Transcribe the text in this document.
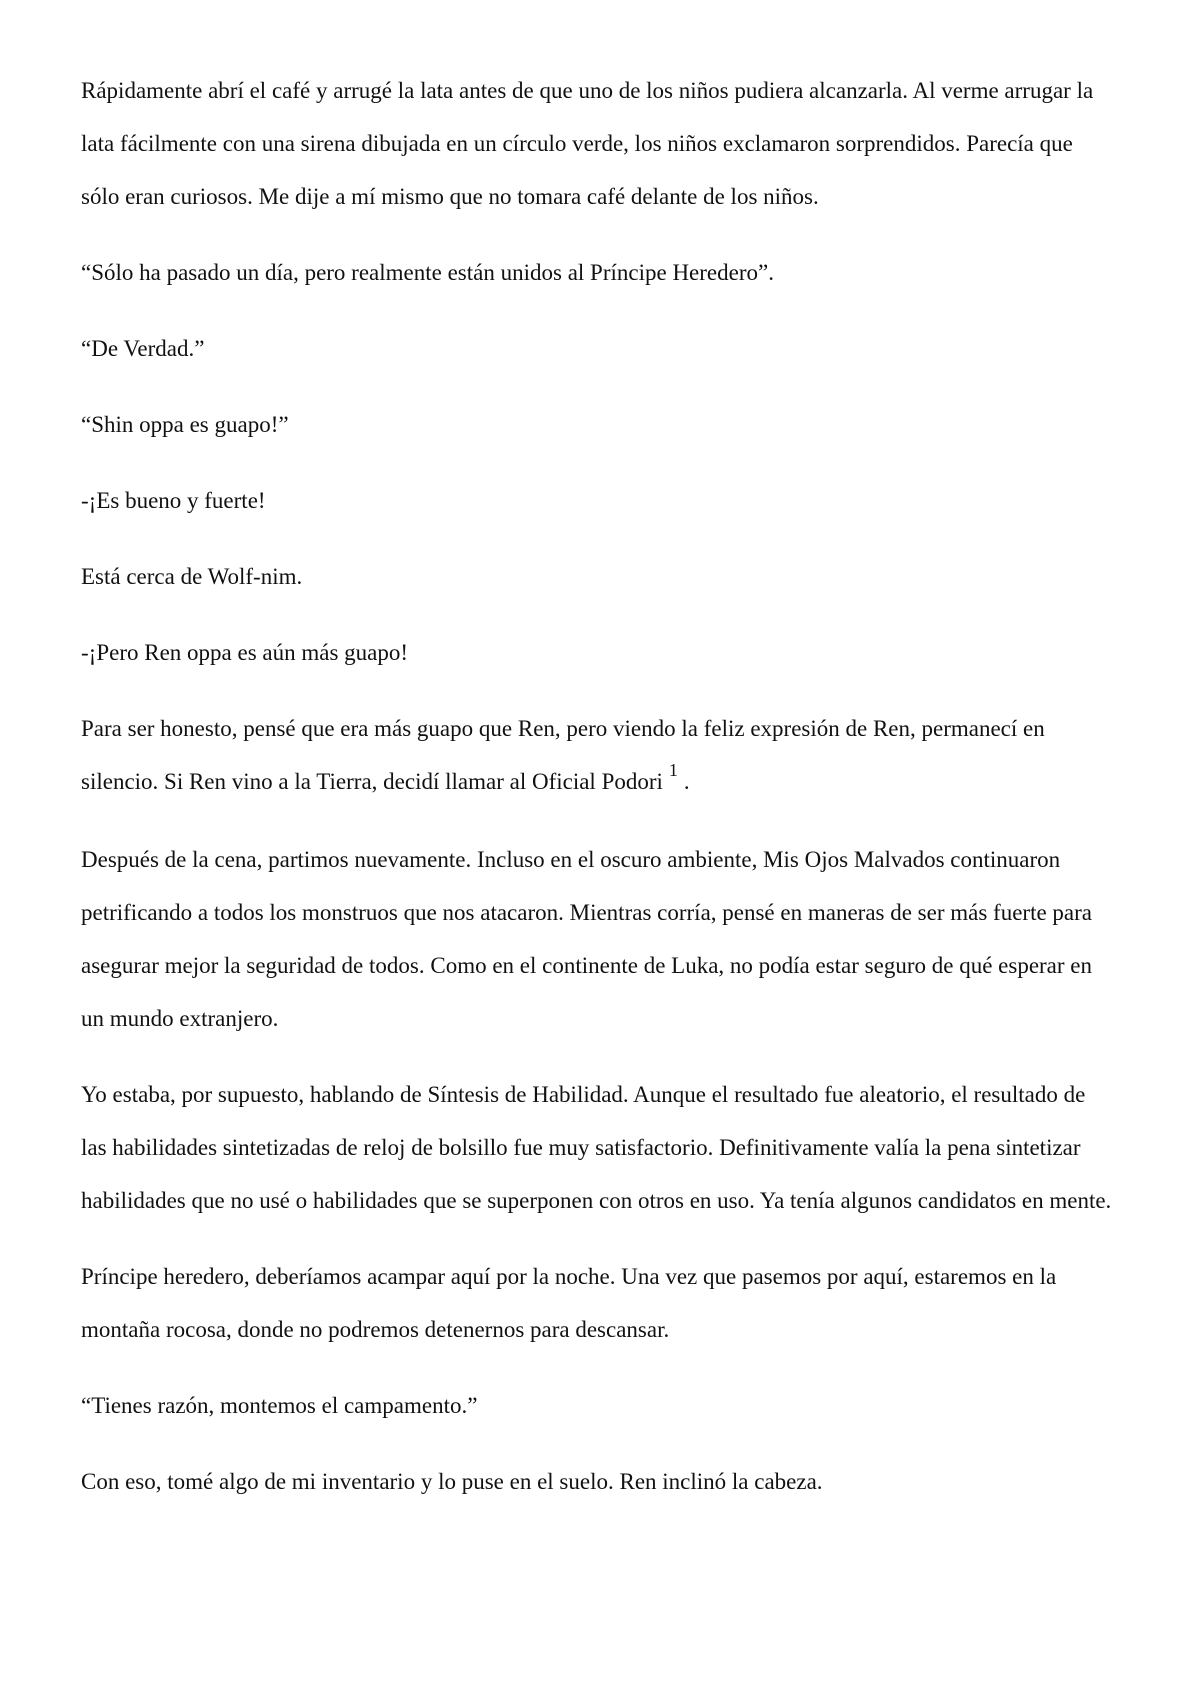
Rápidamente abrí el café y arrugé la lata antes de que uno de los niños pudiera alcanzarla. Al verme arrugar la lata fácilmente con una sirena dibujada en un círculo verde, los niños exclamaron sorprendidos. Parecía que sólo eran curiosos. Me dije a mí mismo que no tomara café delante de los niños.

“Sólo ha pasado un día, pero realmente están unidos al Príncipe Heredero”.

“De Verdad.”

“Shin oppa es guapo!”

-¡Es bueno y fuerte!

Está cerca de Wolf-nim.

-¡Pero Ren oppa es aún más guapo!

Para ser honesto, pensé que era más guapo que Ren, pero viendo la feliz expresión de Ren, permanecí en silencio. Si Ren vino a la Tierra, decidí llamar al Oficial Podori $^1$ .

Después de la cena, partimos nuevamente. Incluso en el oscuro ambiente, Mis Ojos Malvados continuaron petrificando a todos los monstruos que nos atacaron. Mientras corría, pensé en maneras de ser más fuerte para asegurar mejor la seguridad de todos. Como en el continente de Luka, no podía estar seguro de qué esperar en un mundo extranjero.

Yo estaba, por supuesto, hablando de Síntesis de Habilidad. Aunque el resultado fue aleatorio, el resultado de las habilidades sintetizadas de reloj de bolsillo fue muy satisfactorio. Definitivamente valía la pena sintetizar habilidades que no usé o habilidades que se superponen con otros en uso. Ya tenía algunos candidatos en mente.

Príncipe heredero, deberíamos acampar aquí por la noche. Una vez que pasemos por aquí, estaremos en la montaña rocosa, donde no podremos detenernos para descansar.

“Tienes razón, montemos el campamento.”

Con eso, tomé algo de mi inventario y lo puse en el suelo. Ren inclinó la cabeza.
